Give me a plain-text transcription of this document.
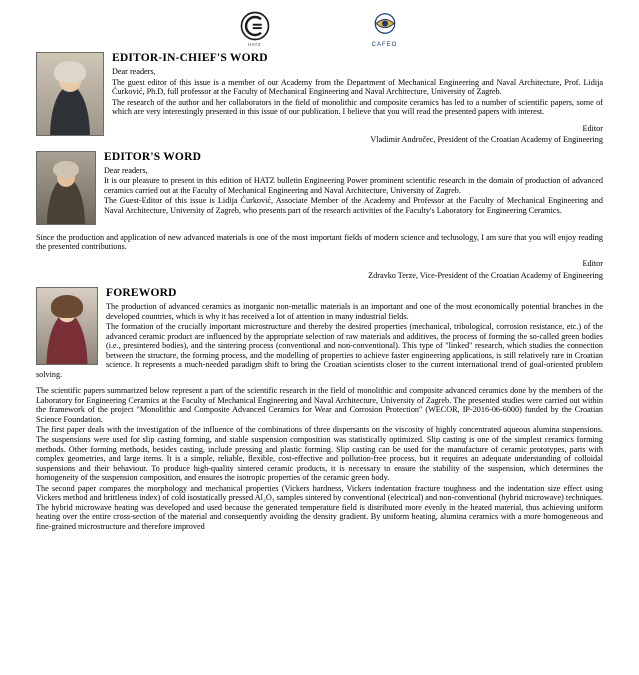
HATZ	CAFEO
EDITOR-IN-CHIEF'S WORD

Dear readers,

The guest editor of this issue is a member of our Academy from the Department of Mechanical Engineering and Naval Architecture, Prof. Lidija Ćurković, Ph.D, full professor at the Faculty of Mechanical Engineering and Naval Architecture, University of Zagreb.

The research of the author and her collaborators in the field of monolithic and composite ceramics has led to a number of scientific papers, some of which are very interestingly presented in this issue of our publication. I believe that you will read the presented papers with interest.

Editor
Vladimir Andročec, President of the Croatian Academy of Engineering
EDITOR'S WORD

Dear readers,

It is our pleasure to present in this edition of HATZ bulletin Engineering Power prominent scientific research in the domain of production of advanced ceramics carried out at the Faculty of Mechanical Engineering and Naval Architecture, University of Zagreb.

The Guest-Editor of this issue is Lidija Ćurković, Associate Member of the Academy and Professor at the Faculty of Mechanical Engineering and Naval Architecture, University of Zagreb, who presents part of the research activities of the Faculty's Laboratory for Engineering Ceramics.

Since the production and application of new advanced materials is one of the most important fields of modern science and technology, I am sure that you will enjoy reading the presented contributions.

Editor
Zdravko Terze, Vice-President of the Croatian Academy of Engineering
FOREWORD

The production of advanced ceramics as inorganic non-metallic materials is an important and one of the most economically potential branches in the developed countries, which is why it has received a lot of attention in many industrial fields.

The formation of the crucially important microstructure and thereby the desired properties (mechanical, tribological, corrosion resistance, etc.) of the advanced ceramic product are influenced by the appropriate selection of raw materials and additives, the process of forming the so-called green bodies (i.e., presintered bodies), and the sintering process (conventional and non-conventional). This type of "linked" research, which studies the connection between the structure, the forming process, and the modelling of properties to achieve faster engineering applications, is still relatively rare in Croatian science. It represents a much-needed paradigm shift to bring the Croatian scientists closer to the current international trend of goal-oriented problem solving.

The scientific papers summarized below represent a part of the scientific research in the field of monolithic and composite advanced ceramics done by the members of the Laboratory for Engineering Ceramics at the Faculty of Mechanical Engineering and Naval Architecture, University of Zagreb. The presented studies were carried out within the framework of the project "Monolithic and Composite Advanced Ceramics for Wear and Corrosion Protection" (WECOR, IP-2016-06-6000) funded by the Croatian Science Foundation.

The first paper deals with the investigation of the influence of the combinations of three dispersants on the viscosity of highly concentrated aqueous alumina suspensions. The suspensions were used for slip casting forming, and stable suspension composition was statistically optimized. Slip casting is one of the simplest ceramics forming methods. Other forming methods, besides casting, include pressing and plastic forming. Slip casting can be used for the manufacture of ceramic prototypes, parts with complex geometries, and large items. It is a simple, reliable, flexible, cost-effective and pollution-free process, but it requires an adequate understanding of colloidal suspensions and their behaviour. To produce high-quality sintered ceramic products, it is necessary to ensure the stability of the suspension, which determines the homogeneity of the suspension composition, and ensures the isotropic properties of the ceramic green body.

The second paper compares the morphology and mechanical properties (Vickers hardness, Vickers indentation fracture toughness and the indentation size effect using Vickers method and brittleness index) of cold isostatically pressed Al₂O₃ samples sintered by conventional (electrical) and non-conventional (hybrid microwave) techniques. The hybrid microwave heating was developed and used because the generated temperature field is distributed more evenly in the heated material, thus achieving uniform heating over the entire cross-section of the material and consequently avoiding the density gradient. By uniform heating, alumina ceramics with a more homogeneous and fine-grained microstructure and therefore improved
